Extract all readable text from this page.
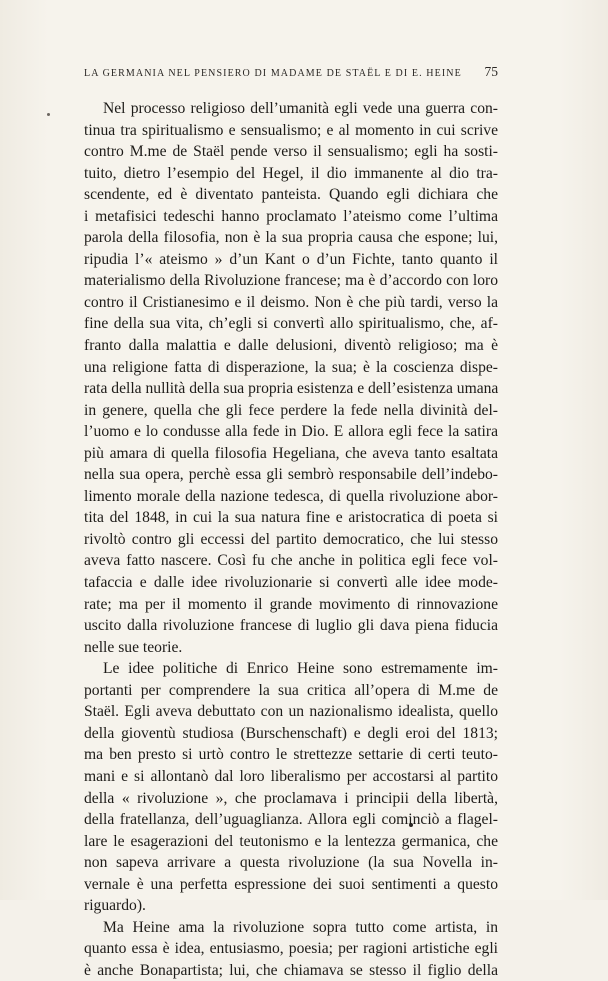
LA GERMANIA NEL PENSIERO DI MADAME DE STAËL E DI E. HEINE 75
Nel processo religioso dell’umanità egli vede una guerra con-
tinua tra spiritualismo e sensualismo; e al momento in cui scrive
contro M.me de Staël pende verso il sensualismo; egli ha sosti-
tuito, dietro l’esempio del Hegel, il dio immanente al dio tra-
scendente, ed è diventato panteista. Quando egli dichiara che
i metafisici tedeschi hanno proclamato l’ateismo come l’ultima
parola della filosofia, non è la sua propria causa che espone; lui,
ripudia l’« ateismo » d’un Kant o d’un Fichte, tanto quanto il
materialismo della Rivoluzione francese; ma è d’accordo con loro
contro il Cristianesimo e il deismo. Non è che più tardi, verso la
fine della sua vita, ch’egli si convertì allo spiritualismo, che, af-
franto dalla malattia e dalle delusioni, diventò religioso; ma è
una religione fatta di disperazione, la sua; è la coscienza dispe-
rata della nullità della sua propria esistenza e dell’esistenza umana
in genere, quella che gli fece perdere la fede nella divinità del-
l’uomo e lo condusse alla fede in Dio. E allora egli fece la satira
più amara di quella filosofia Hegeliana, che aveva tanto esaltata
nella sua opera, perchè essa gli sembrò responsabile dell’indebo-
limento morale della nazione tedesca, di quella rivoluzione abor-
tita del 1848, in cui la sua natura fine e aristocratica di poeta si
rivoltò contro gli eccessi del partito democratico, che lui stesso
aveva fatto nascere. Così fu che anche in politica egli fece vol-
tafaccia e dalle idee rivoluzionarie si convertì alle idee mode-
rate; ma per il momento il grande movimento di rinnovazione
uscito dalla rivoluzione francese di luglio gli dava piena fiducia
nelle sue teorie.
Le idee politiche di Enrico Heine sono estremamente im-
portanti per comprendere la sua critica all’opera di M.me de
Staël. Egli aveva debuttato con un nazionalismo idealista, quello
della gioventù studiosa (Burschenschaft) e degli eroi del 1813;
ma ben presto si urtò contro le strettezze settarie di certi teuto-
mani e si allontanò dal loro liberalismo per accostarsi al partito
della « rivoluzione », che proclamava i principii della libertà,
della fratellanza, dell’uguaglianza. Allora egli cominciò a flagel-
lare le esagerazioni del teutonismo e la lentezza germanica, che
non sapeva arrivare a questa rivoluzione (la sua Novella in-
vernale è una perfetta espressione dei suoi sentimenti a questo
riguardo).
Ma Heine ama la rivoluzione sopra tutto come artista, in
quanto essa è idea, entusiasmo, poesia; per ragioni artistiche egli
è anche Bonapartista; lui, che chiamava se stesso il figlio della
